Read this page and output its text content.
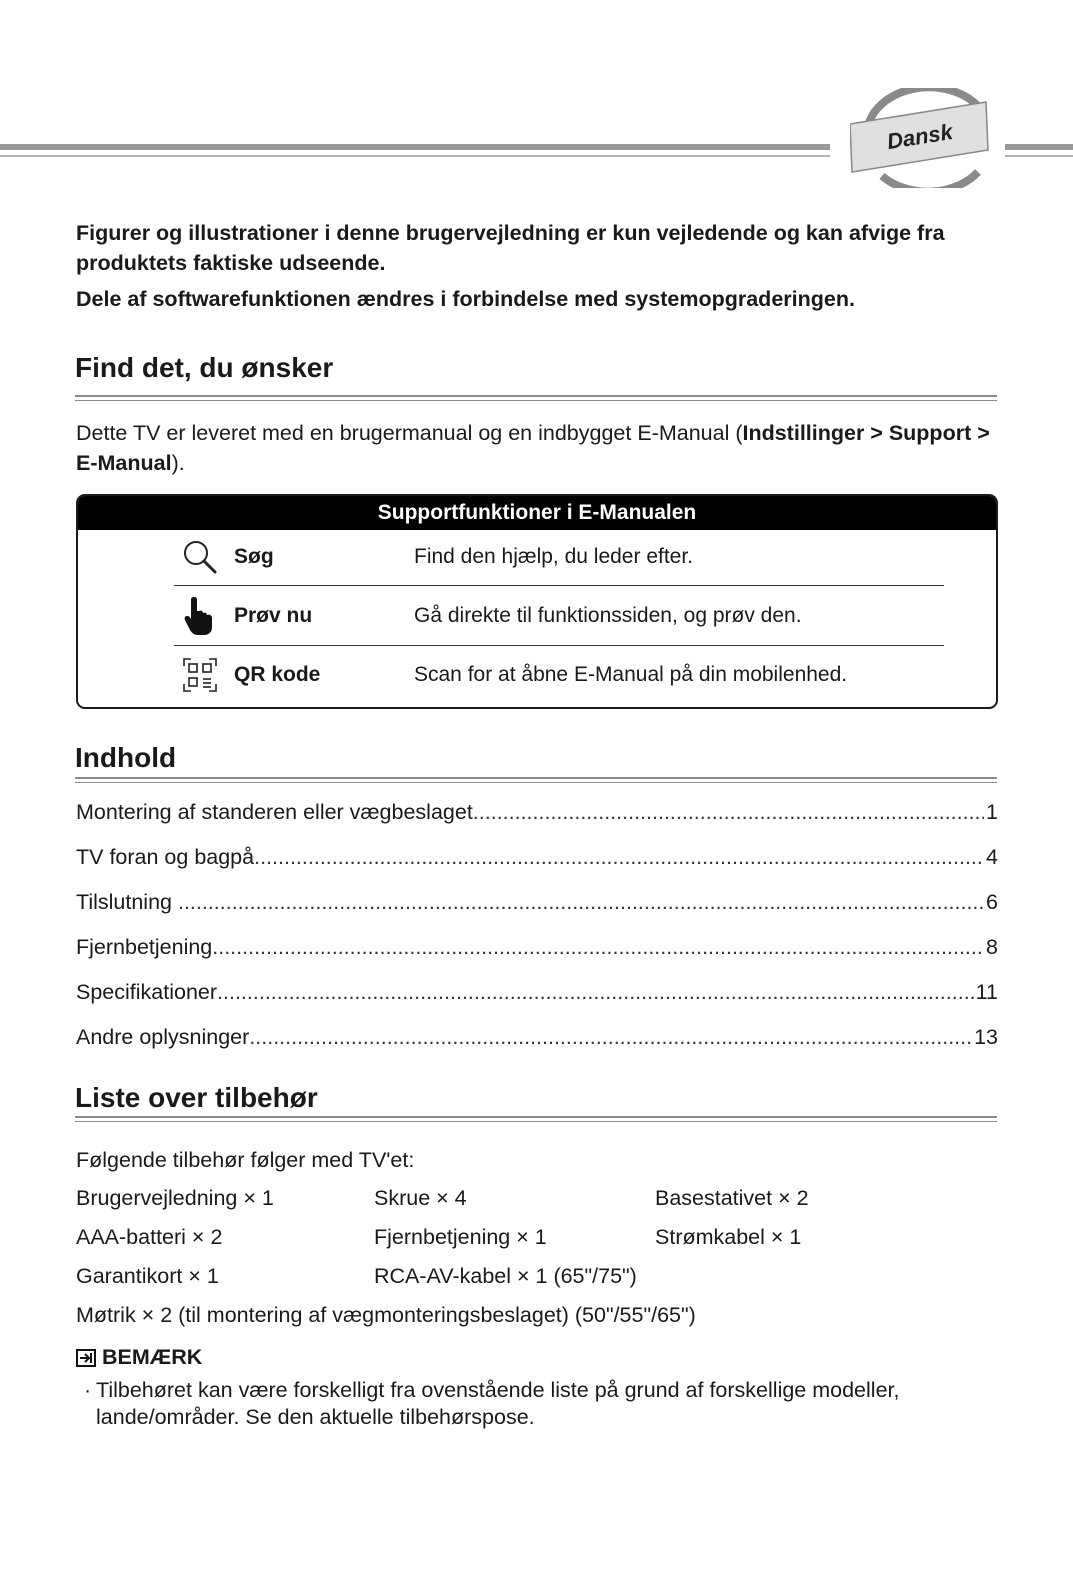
Dansk

Figurer og illustrationer i denne brugervejledning er kun vejledende og kan afvige fra produktets faktiske udseende.

Dele af softwarefunktionen ændres i forbindelse med systemopgraderingen.

Find det, du ønsker
Dette TV er leveret med en brugermanual og en indbygget E-Manual (Indstillinger > Support > E-Manual).
Supportfunktioner i E-Manualen
Søg	Find den hjælp, du leder efter.
Prøv nu	Gå direkte til funktionssiden, og prøv den.
QR kode	Scan for at åbne E-Manual på din mobilenhed.
Indhold
Montering af standeren eller vægbeslaget .....	1
TV foran og bagpå .....	4
Tilslutning .....	6
Fjernbetjening .....	8
Specifikationer .....	11
Andre oplysninger .....	13
Liste over tilbehør
Følgende tilbehør følger med TV'et:
Brugervejledning × 1	Skrue × 4	Basestativet × 2
AAA-batteri × 2	Fjernbetjening × 1	Strømkabel × 1
Garantikort × 1	RCA-AV-kabel × 1 (65"/75")
Møtrik × 2 (til montering af vægmonteringsbeslaget) (50"/55"/65")
BEMÆRK
· Tilbehøret kan være forskelligt fra ovenstående liste på grund af forskellige modeller, lande/områder. Se den aktuelle tilbehørspose.
